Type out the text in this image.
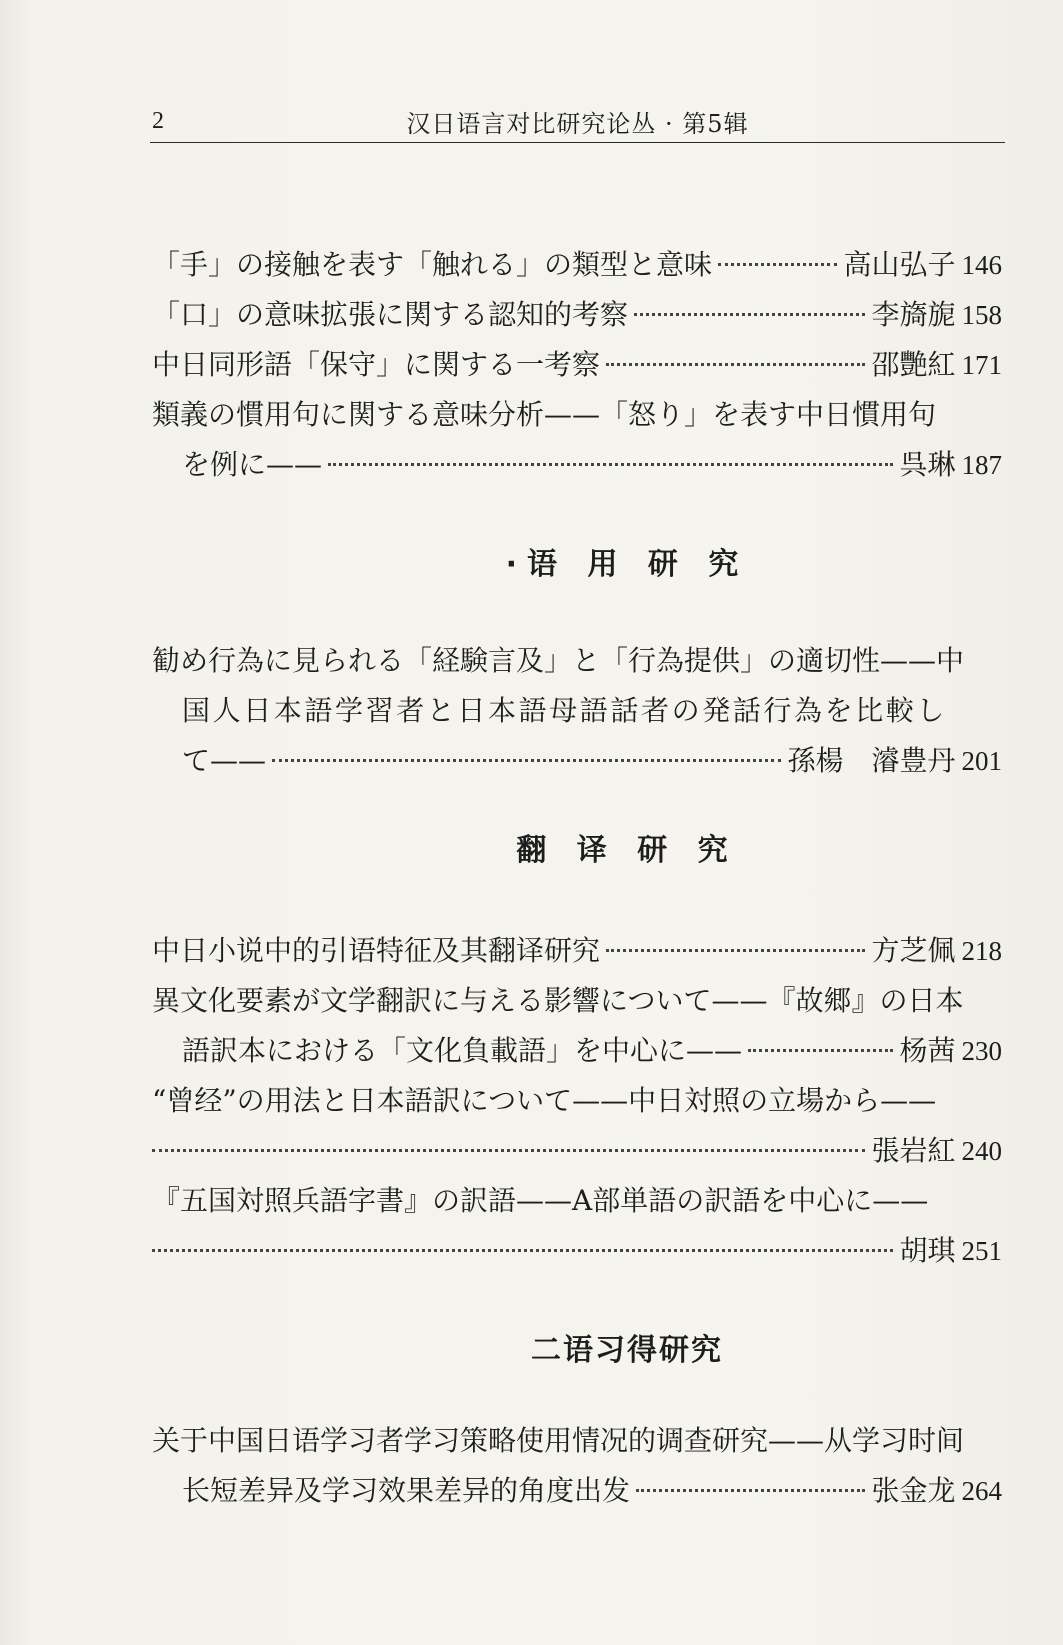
2	汉日语言对比研究论丛 · 第5辑
「手」の接触を表す「触れる」の類型と意味	高山弘子 146
「口」の意味拡張に関する認知的考察	李旖旎 158
中日同形語「保守」に関する一考察	邵艷紅 171
類義の慣用句に関する意味分析——「怒り」を表す中日慣用句
を例に——	呉琳 187
·语 用 研 究
勧め行為に見られる「経験言及」と「行為提供」の適切性——中
国人日本語学習者と日本語母語話者の発話行為を比較し
て——	孫楊　濬豊丹 201
翻 译 研 究
中日小说中的引语特征及其翻译研究	方芝佩 218
異文化要素が文学翻訳に与える影響について——『故郷』の日本
語訳本における「文化負載語」を中心に——	杨茜 230
“曾经”の用法と日本語訳について——中日対照の立場から——
張岩紅 240
『五国対照兵語字書』の訳語——A部単語の訳語を中心に——
胡琪 251
二语习得研究
关于中国日语学习者学习策略使用情况的调查研究——从学习时间
长短差异及学习效果差异的角度出发	张金龙 264
